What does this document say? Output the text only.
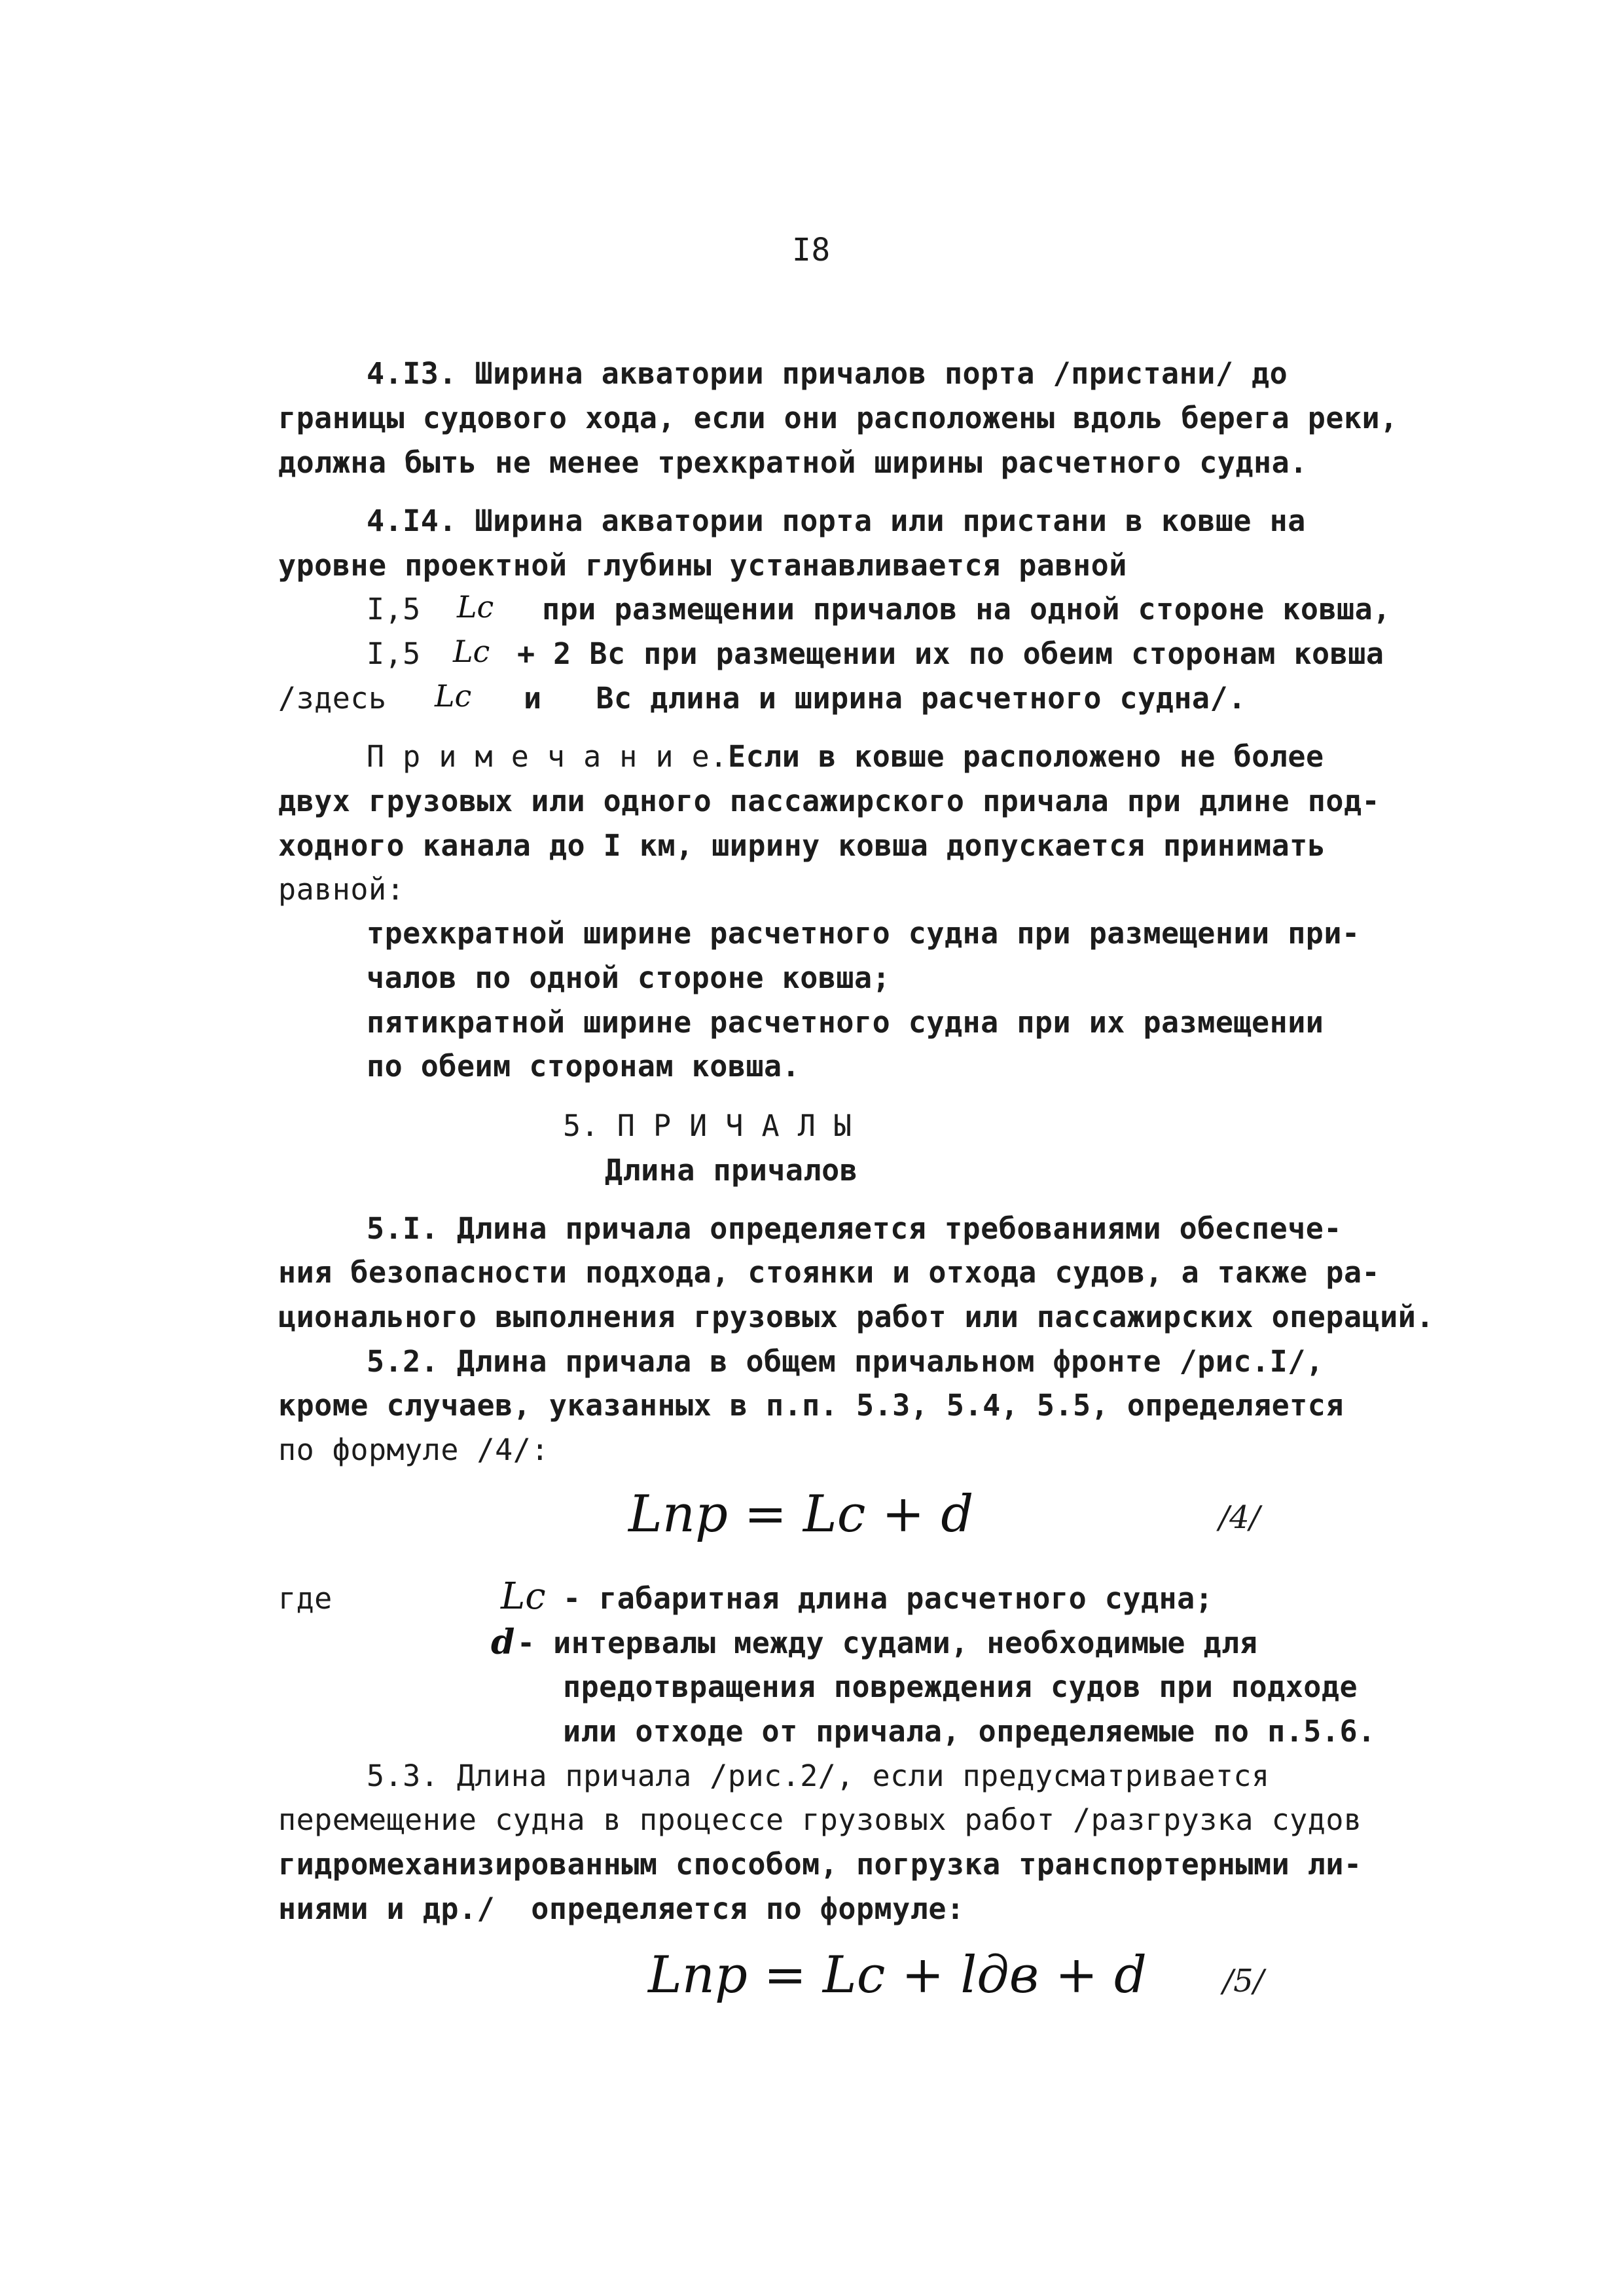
I8
4.I3. Ширина акватории причалов порта /пристани/ до
границы судового хода, если они расположены вдоль берега реки,
должна быть не менее трехкратной ширины расчетного судна.
4.I4. Ширина акватории порта или пристани в ковше на
уровне проектной глубины устанавливается равной
I,5 Lc при размещении причалов на одной стороне ковша,
I,5 Lc + 2 Вс при размещении их по обеим сторонам ковша
/здесь Lc и   Вс длина и ширина расчетного судна/.
П р и м е ч а н и е. Если в ковше расположено не более
двух грузовых или одного пассажирского причала при длине под-
ходного канала до I км, ширину ковша допускается принимать
равной:
трехкратной ширине расчетного судна при размещении при-
чалов по одной стороне ковша;
пятикратной ширине расчетного судна при их размещении
по обеим сторонам ковша.
5. П Р И Ч А Л Ы
Длина причалов
5.I. Длина причала определяется требованиями обеспече-
ния безопасности подхода, стоянки и отхода судов, а также ра-
ционального выполнения грузовых работ или пассажирских операций.
5.2. Длина причала в общем причальном фронте /рис.I/,
кроме случаев, указанных в п.п. 5.3, 5.4, 5.5, определяется
по формуле /4/:
Lпр = Lc + d	/4/
где	Lc - габаритная длина расчетного судна;
d - интервалы между судами, необходимые для
предотвращения повреждения судов при подходе
или отходе от причала, определяемые по п.5.6.
5.3. Длина причала /рис.2/, если предусматривается
перемещение судна в процессе грузовых работ /разгрузка судов
гидромеханизированным способом, погрузка транспортерными ли-
ниями и др./  определяется по формуле:
Lпр = Lc + lдв + d /5/
